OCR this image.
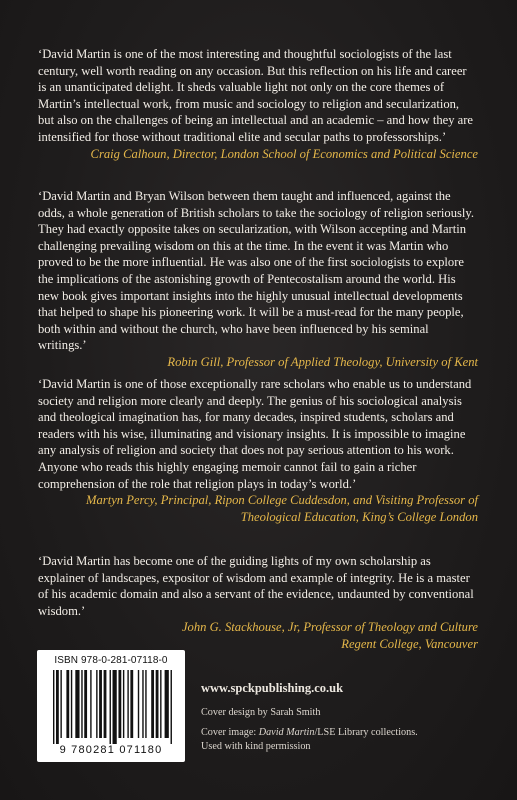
‘David Martin is one of the most interesting and thoughtful sociologists of the last century, well worth reading on any occasion. But this reflection on his life and career is an unanticipated delight. It sheds valuable light not only on the core themes of Martin’s intellectual work, from music and sociology to religion and secularization, but also on the challenges of being an intellectual and an academic – and how they are intensified for those without traditional elite and secular paths to professorships.’

Craig Calhoun, Director, London School of Economics and Political Science

‘David Martin and Bryan Wilson between them taught and influenced, against the odds, a whole generation of British scholars to take the sociology of religion seriously. They had exactly opposite takes on secularization, with Wilson accepting and Martin challenging prevailing wisdom on this at the time. In the event it was Martin who proved to be the more influential. He was also one of the first sociologists to explore the implications of the astonishing growth of Pentecostalism around the world. His new book gives important insights into the highly unusual intellectual developments that helped to shape his pioneering work. It will be a must-read for the many people, both within and without the church, who have been influenced by his seminal writings.’

Robin Gill, Professor of Applied Theology, University of Kent

‘David Martin is one of those exceptionally rare scholars who enable us to understand society and religion more clearly and deeply. The genius of his sociological analysis and theological imagination has, for many decades, inspired students, scholars and readers with his wise, illuminating and visionary insights. It is impossible to imagine any analysis of religion and society that does not pay serious attention to his work. Anyone who reads this highly engaging memoir cannot fail to gain a richer comprehension of the role that religion plays in today’s world.’

Martyn Percy, Principal, Ripon College Cuddesdon, and Visiting Professor of

Theological Education, King’s College London

‘David Martin has become one of the guiding lights of my own scholarship as explainer of landscapes, expositor of wisdom and example of integrity. He is a master of his academic domain and also a servant of the evidence, undaunted by conventional wisdom.’

John G. Stackhouse, Jr, Professor of Theology and Culture

Regent College, Vancouver

ISBN 978-0-281-07118-0
9 780281 071180

www.spckpublishing.co.uk

Cover design by Sarah Smith

Cover image: David Martin/LSE Library collections.

Used with kind permission
